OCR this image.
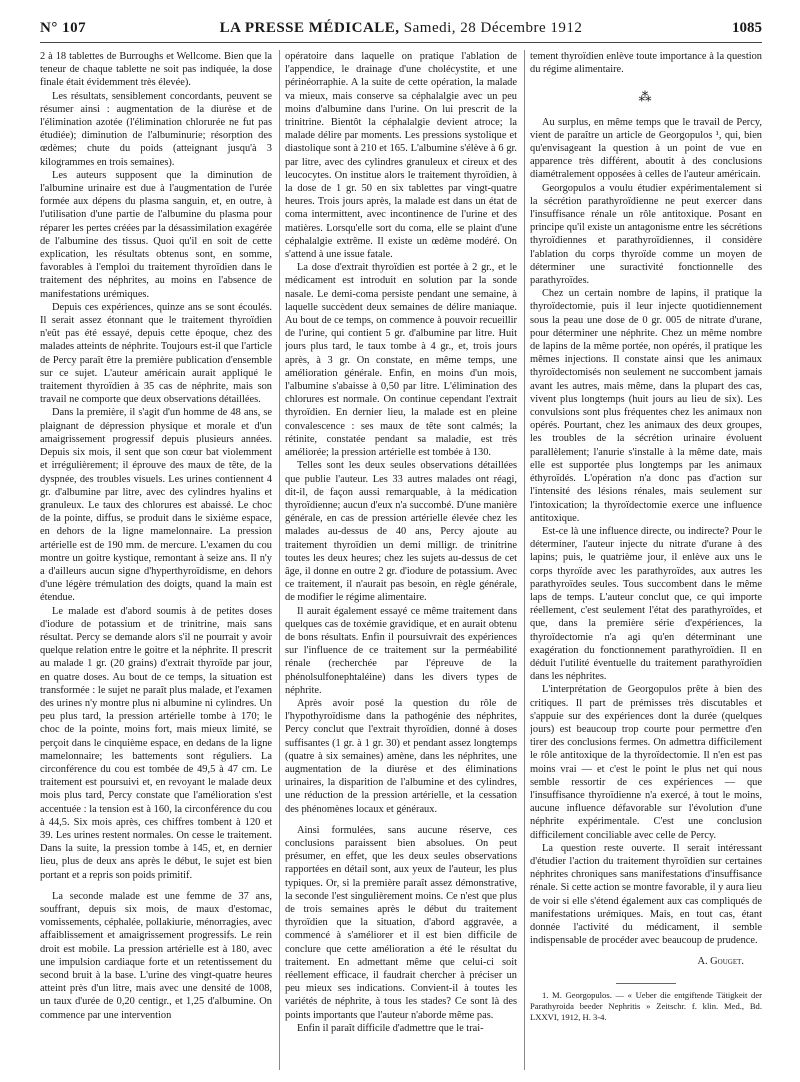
N° 107	LA PRESSE MÉDICALE, Samedi, 28 Décembre 1912	1085

2 à 18 tablettes de Burroughs et Wellcome. Bien que la teneur de chaque tablette ne soit pas indiquée, la dose finale était évidemment très élevée).

Les résultats, sensiblement concordants, peuvent se résumer ainsi : augmentation de la diurèse et de l'élimination azotée (l'élimination chlorurée ne fut pas étudiée); diminution de l'albuminurie; résorption des œdèmes; chute du poids (atteignant jusqu'à 3 kilogrammes en trois semaines).

Les auteurs supposent que la diminution de l'albumine urinaire est due à l'augmentation de l'urée formée aux dépens du plasma sanguin, et, en outre, à l'utilisation d'une partie de l'albumine du plasma pour réparer les pertes créées par la désassimilation exagérée de l'albumine des tissus. Quoi qu'il en soit de cette explication, les résultats obtenus sont, en somme, favorables à l'emploi du traitement thyroïdien dans le traitement des néphrites, au moins en l'absence de manifestations urémiques.

Depuis ces expériences, quinze ans se sont écoulés. Il serait assez étonnant que le traitement thyroïdien n'eût pas été essayé, depuis cette époque, chez des malades atteints de néphrite. Toujours est-il que l'article de Percy paraît être la première publication d'ensemble sur ce sujet. L'auteur américain aurait appliqué le traitement thyroïdien à 35 cas de néphrite, mais son travail ne comporte que deux observations détaillées.

Dans la première, il s'agit d'un homme de 48 ans, se plaignant de dépression physique et morale et d'un amaigrissement progressif depuis plusieurs années. Depuis six mois, il sent que son cœur bat violemment et irrégulièrement; il éprouve des maux de tête, de la dyspnée, des troubles visuels. Les urines contiennent 4 gr. d'albumine par litre, avec des cylindres hyalins et granuleux. Le taux des chlorures est abaissé. Le choc de la pointe, diffus, se produit dans le sixième espace, en dehors de la ligne mamelonnaire. La pression artérielle est de 190 mm. de mercure. L'examen du cou montre un goitre kystique, remontant à seize ans. Il n'y a d'ailleurs aucun signe d'hyperthyroïdisme, en dehors d'une légère trémulation des doigts, quand la main est étendue.

Le malade est d'abord soumis à de petites doses d'iodure de potassium et de trinitrine, mais sans résultat. Percy se demande alors s'il ne pourrait y avoir quelque relation entre le goitre et la néphrite. Il prescrit au malade 1 gr. (20 grains) d'extrait thyroïde par jour, en quatre doses. Au bout de ce temps, la situation est transformée : le sujet ne paraît plus malade, et l'examen des urines n'y montre plus ni albumine ni cylindres. Un peu plus tard, la pression artérielle tombe à 170; le choc de la pointe, moins fort, mais mieux limité, se perçoit dans le cinquième espace, en dedans de la ligne mamelonnaire; les battements sont réguliers. La circonférence du cou est tombée de 49,5 à 47 cm. Le traitement est poursuivi et, en revoyant le malade deux mois plus tard, Percy constate que l'amélioration s'est accentuée : la tension est à 160, la circonférence du cou à 44,5. Six mois après, ces chiffres tombent à 120 et 39. Les urines restent normales. On cesse le traitement. Dans la suite, la pression tombe à 145, et, en dernier lieu, plus de deux ans après le début, le sujet est bien portant et a repris son poids primitif.

La seconde malade est une femme de 37 ans, souffrant, depuis six mois, de maux d'estomac, vomissements, céphalée, pollakiurie, ménorragies, avec affaiblissement et amaigrissement progressifs. Le rein droit est mobile. La pression artérielle est à 180, avec une impulsion cardiaque forte et un retentissement du second bruit à la base. L'urine des vingt-quatre heures atteint près d'un litre, mais avec une densité de 1008, un taux d'urée de 0,20 centigr., et 1,25 d'albumine. On commence par une intervention

opératoire dans laquelle on pratique l'ablation de l'appendice, le drainage d'une cholécystite, et une périnéorraphie. A la suite de cette opération, la malade va mieux, mais conserve sa céphalalgie avec un peu moins d'albumine dans l'urine. On lui prescrit de la trinitrine. Bientôt la céphalalgie devient atroce; la malade délire par moments. Les pressions systolique et diastolique sont à 210 et 165. L'albumine s'élève à 6 gr. par litre, avec des cylindres granuleux et cireux et des leucocytes. On institue alors le traitement thyroïdien, à la dose de 1 gr. 50 en six tablettes par vingt-quatre heures. Trois jours après, la malade est dans un état de coma intermittent, avec incontinence de l'urine et des matières. Lorsqu'elle sort du coma, elle se plaint d'une céphalalgie extrême. Il existe un œdème modéré. On s'attend à une issue fatale.

La dose d'extrait thyroïdien est portée à 2 gr., et le médicament est introduit en solution par la sonde nasale. Le demi-coma persiste pendant une semaine, à laquelle succèdent deux semaines de délire maniaque. Au bout de ce temps, on commence à pouvoir recueillir de l'urine, qui contient 5 gr. d'albumine par litre. Huit jours plus tard, le taux tombe à 4 gr., et, trois jours après, à 3 gr. On constate, en même temps, une amélioration générale. Enfin, en moins d'un mois, l'albumine s'abaisse à 0,50 par litre. L'élimination des chlorures est normale. On continue cependant l'extrait thyroïdien. En dernier lieu, la malade est en pleine convalescence : ses maux de tête sont calmés; la rétinite, constatée pendant sa maladie, est très améliorée; la pression artérielle est tombée à 130.

Telles sont les deux seules observations détaillées que publie l'auteur. Les 33 autres malades ont réagi, dit-il, de façon aussi remarquable, à la médication thyroïdienne; aucun d'eux n'a succombé. D'une manière générale, en cas de pression artérielle élevée chez les malades au-dessus de 40 ans, Percy ajoute au traitement thyroïdien un demi milligr. de trinitrine toutes les deux heures; chez les sujets au-dessus de cet âge, il donne en outre 2 gr. d'iodure de potassium. Avec ce traitement, il n'aurait pas besoin, en règle générale, de modifier le régime alimentaire.

Il aurait également essayé ce même traitement dans quelques cas de toxémie gravidique, et en aurait obtenu de bons résultats. Enfin il poursuivrait des expériences sur l'influence de ce traitement sur la perméabilité rénale (recherchée par l'épreuve de la phénolsulfonephtaléine) dans les divers types de néphrite.

Après avoir posé la question du rôle de l'hypothyroïdisme dans la pathogénie des néphrites, Percy conclut que l'extrait thyroïdien, donné à doses suffisantes (1 gr. à 1 gr. 30) et pendant assez longtemps (quatre à six semaines) amène, dans les néphrites, une augmentation de la diurèse et des éliminations urinaires, la disparition de l'albumine et des cylindres, une réduction de la pression artérielle, et la cessation des phénomènes locaux et généraux.

Ainsi formulées, sans aucune réserve, ces conclusions paraissent bien absolues. On peut présumer, en effet, que les deux seules observations rapportées en détail sont, aux yeux de l'auteur, les plus typiques. Or, si la première paraît assez démonstrative, la seconde l'est singulièrement moins. Ce n'est que plus de trois semaines après le début du traitement thyroïdien que la situation, d'abord aggravée, a commencé à s'améliorer et il est bien difficile de conclure que cette amélioration a été le résultat du traitement. En admettant même que celui-ci soit réellement efficace, il faudrait chercher à préciser un peu mieux ses indications. Convient-il à toutes les variétés de néphrite, à tous les stades? Ce sont là des points importants que l'auteur n'aborde même pas.

Enfin il paraît difficile d'admettre que le trai-

tement thyroïdien enlève toute importance à la question du régime alimentaire.

⁂

Au surplus, en même temps que le travail de Percy, vient de paraître un article de Georgopulos ¹, qui, bien qu'envisageant la question à un point de vue en apparence très différent, aboutit à des conclusions diamétralement opposées à celles de l'auteur américain.

Georgopulos a voulu étudier expérimentalement si la sécrétion parathyroïdienne ne peut exercer dans l'insuffisance rénale un rôle antitoxique. Posant en principe qu'il existe un antagonisme entre les sécrétions thyroïdiennes et parathyroïdiennes, il considère l'ablation du corps thyroïde comme un moyen de déterminer une suractivité fonctionnelle des parathyroïdes.

Chez un certain nombre de lapins, il pratique la thyroïdectomie, puis il leur injecte quotidiennement sous la peau une dose de 0 gr. 005 de nitrate d'urane, pour déterminer une néphrite. Chez un même nombre de lapins de la même portée, non opérés, il pratique les mêmes injections. Il constate ainsi que les animaux thyroïdectomisés non seulement ne succombent jamais avant les autres, mais même, dans la plupart des cas, vivent plus longtemps (huit jours au lieu de six). Les convulsions sont plus fréquentes chez les animaux non opérés. Pourtant, chez les animaux des deux groupes, les troubles de la sécrétion urinaire évoluent parallèlement; l'anurie s'installe à la même date, mais elle est supportée plus longtemps par les animaux éthyroïdés. L'opération n'a donc pas d'action sur l'intensité des lésions rénales, mais seulement sur l'intoxication; la thyroïdectomie exerce une influence antitoxique.

Est-ce là une influence directe, ou indirecte? Pour le déterminer, l'auteur injecte du nitrate d'urane à des lapins; puis, le quatrième jour, il enlève aux uns le corps thyroïde avec les parathyroïdes, aux autres les parathyroïdes seules. Tous succombent dans le même laps de temps. L'auteur conclut que, ce qui importe réellement, c'est seulement l'état des parathyroïdes, et que, dans la première série d'expériences, la thyroïdectomie n'a agi qu'en déterminant une exagération du fonctionnement parathyroïdien. Il en déduit l'utilité éventuelle du traitement parathyroïdien dans les néphrites.

L'interprétation de Georgopulos prête à bien des critiques. Il part de prémisses très discutables et s'appuie sur des expériences dont la durée (quelques jours) est beaucoup trop courte pour permettre d'en tirer des conclusions fermes. On admettra difficilement le rôle antitoxique de la thyroïdectomie. Il n'en est pas moins vrai — et c'est le point le plus net qui nous semble ressortir de ces expériences — que l'insuffisance thyroïdienne n'a exercé, à tout le moins, aucune influence défavorable sur l'évolution d'une néphrite expérimentale. C'est une conclusion difficilement conciliable avec celle de Percy.

La question reste ouverte. Il serait intéressant d'étudier l'action du traitement thyroïdien sur certaines néphrites chroniques sans manifestations d'insuffisance rénale. Si cette action se montre favorable, il y aura lieu de voir si elle s'étend également aux cas compliqués de manifestations urémiques. Mais, en tout cas, étant donnée l'activité du médicament, il semble indispensable de procéder avec beaucoup de prudence.

A. Gouget.

1. M. Georgopulos. — « Ueber die entgiftende Tätigkeit der Parathyroida beeder Nephritis » Zeitschr. f. klin. Med., Bd. LXXVI, 1912, H. 3-4.
